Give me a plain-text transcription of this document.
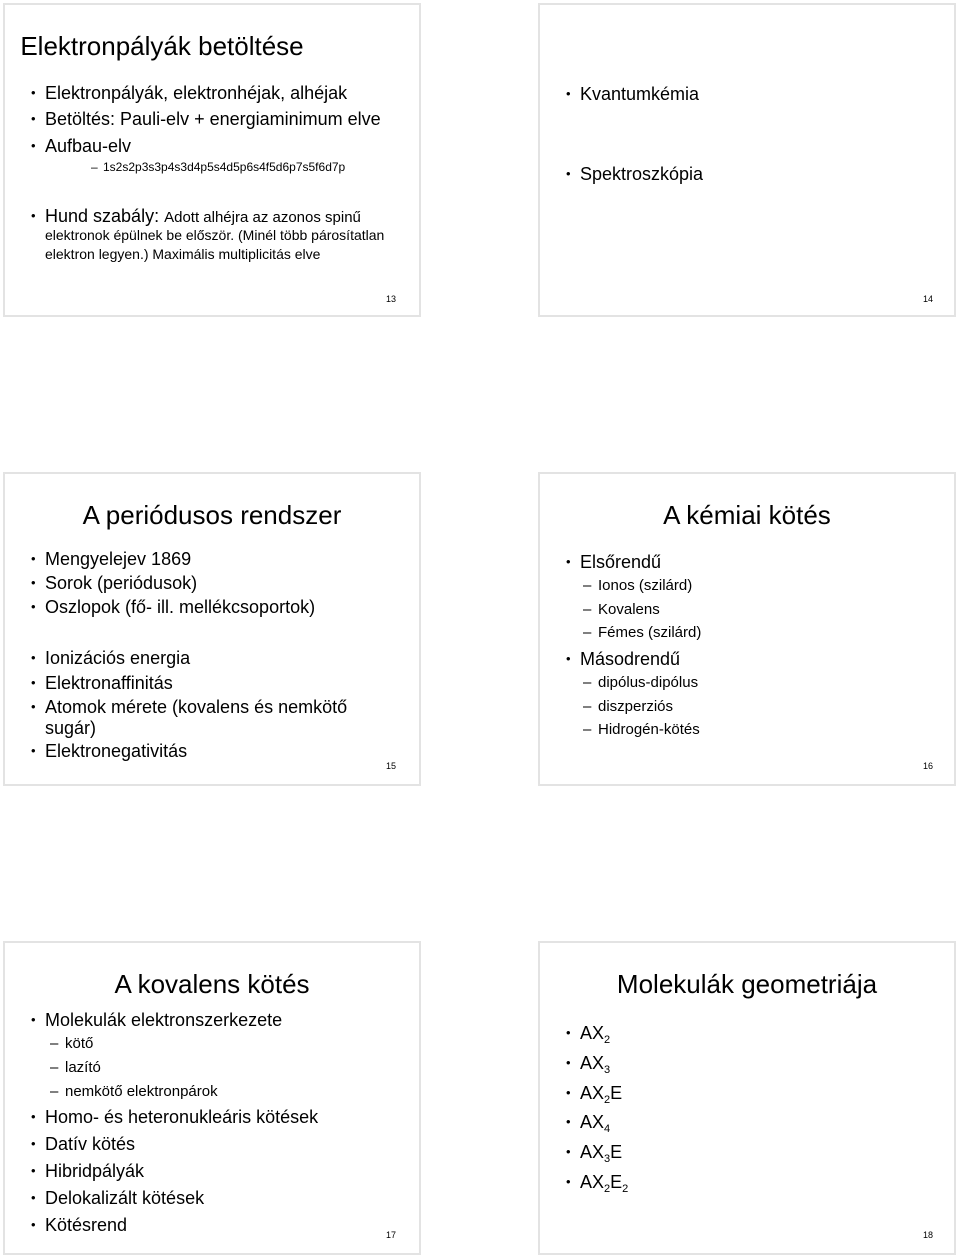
Elektronpályák betöltése
• Elektronpályák, elektronhéjak, alhéjak
• Betöltés: Pauli-elv + energiaminimum elve
• Aufbau-elv
– 1s2s2p3s3p4s3d4p5s4d5p6s4f5d6p7s5f6d7p
• Hund szabály: Adott alhéjra az azonos spinű
elektronok épülnek be először. (Minél több párosítatlan
elektron legyen.) Maximális multiplicitás elve
13
• Kvantumkémia
• Spektroszkópia
14
A periódusos rendszer
• Mengyelejev 1869
• Sorok (periódusok)
• Oszlopok (fő- ill. mellékcsoportok)
• Ionizációs energia
• Elektronaffinitás
• Atomok mérete (kovalens és nemkötő
sugár)
• Elektronegativitás
15
A kémiai kötés
• Elsőrendű
– Ionos (szilárd)
– Kovalens
– Fémes (szilárd)
• Másodrendű
– dipólus-dipólus
– diszperziós
– Hidrogén-kötés
16
A kovalens kötés
• Molekulák elektronszerkezete
– kötő
– lazító
– nemkötő elektronpárok
• Homo- és heteronukleáris kötések
• Datív kötés
• Hibridpályák
• Delokalizált kötések
• Kötésrend	17
Molekulák geometriája
• $AX_2$
• $AX_3$
• $AX_2E$
• $AX_4$
• $AX_3E$
• $AX_2E_2$
18
